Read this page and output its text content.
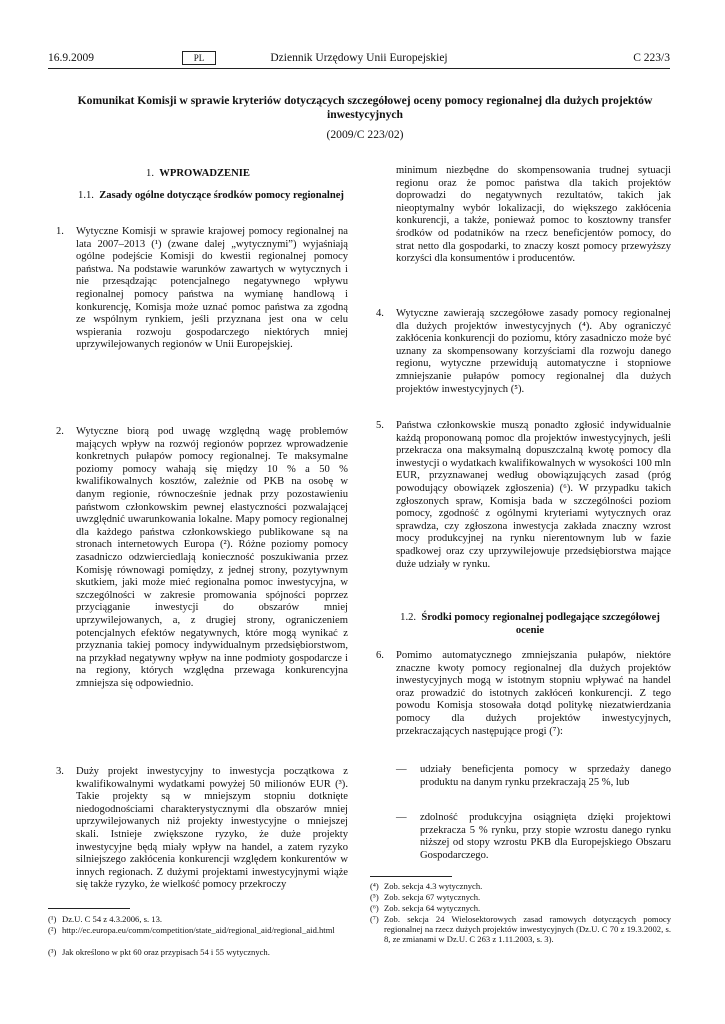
16.9.2009	PL	Dziennik Urzędowy Unii Europejskiej	C 223/3
Komunikat Komisji w sprawie kryteriów dotyczących szczegółowej oceny pomocy regionalnej dla dużych projektów inwestycyjnych
(2009/C 223/02)
1. WPROWADZENIE
1.1. Zasady ogólne dotyczące środków pomocy regionalnej
1. Wytyczne Komisji w sprawie krajowej pomocy regionalnej na lata 2007–2013 (¹) (zwane dalej „wytycznymi”) wyjaśniają ogólne podejście Komisji do kwestii regionalnej pomocy państwa. Na podstawie warunków zawartych w wytycznych i nie przesądzając potencjalnego negatywnego wpływu regionalnej pomocy państwa na wymianę handlową i konkurencję, Komisja może uznać pomoc państwa za zgodną ze wspólnym rynkiem, jeśli przyznana jest ona w celu wspierania rozwoju gospodarczego niektórych mniej uprzywilejowanych regionów w Unii Europejskiej.
2. Wytyczne biorą pod uwagę względną wagę problemów mających wpływ na rozwój regionów poprzez wprowadzenie konkretnych pułapów pomocy regionalnej. Te maksymalne poziomy pomocy wahają się między 10 % a 50 % kwalifikowalnych kosztów, zależnie od PKB na osobę w danym regionie, równocześnie jednak przy pozostawieniu państwom członkowskim pewnej elastyczności pozwalającej uwzględnić uwarunkowania lokalne. Mapy pomocy regionalnej dla każdego państwa członkowskiego publikowane są na stronach internetowych Europa (²). Różne poziomy pomocy zasadniczo odzwierciedlają konieczność poszukiwania przez Komisję równowagi pomiędzy, z jednej strony, pozytywnym skutkiem, jaki może mieć regionalna pomoc inwestycyjna, w szczególności w zakresie promowania spójności poprzez przyciąganie inwestycji do obszarów mniej uprzywilejowanych, a, z drugiej strony, ograniczeniem potencjalnych efektów negatywnych, które mogą wynikać z przyznania takiej pomocy indywidualnym przedsiębiorstwom, na przykład negatywny wpływ na inne podmioty gospodarcze i na regiony, których względna przewaga konkurencyjna zmniejsza się odpowiednio.
3. Duży projekt inwestycyjny to inwestycja początkowa z kwalifikowalnymi wydatkami powyżej 50 milionów EUR (³). Takie projekty są w mniejszym stopniu dotknięte niedogodnościami charakterystycznymi dla obszarów mniej uprzywilejowanych niż projekty inwestycyjne o mniejszej skali. Istnieje zwiększone ryzyko, że duże projekty inwestycyjne będą miały wpływ na handel, a zatem ryzyko silniejszego zakłócenia konkurencji względem konkurentów w innych regionach. Z dużymi projektami inwestycyjnymi wiąże się także ryzyko, że wielkość pomocy przekroczy
(¹) Dz.U. C 54 z 4.3.2006, s. 13.
(²) http://ec.europa.eu/comm/competition/state_aid/regional_aid/regional_aid.html
(³) Jak określono w pkt 60 oraz przypisach 54 i 55 wytycznych.
minimum niezbędne do skompensowania trudnej sytuacji regionu oraz że pomoc państwa dla takich projektów doprowadzi do negatywnych rezultatów, takich jak nieoptymalny wybór lokalizacji, do większego zakłócenia konkurencji, a także, ponieważ pomoc to kosztowny transfer środków od podatników na rzecz beneficjentów pomocy, do strat netto dla gospodarki, to znaczy koszt pomocy przewyższy korzyści dla konsumentów i producentów.
4. Wytyczne zawierają szczegółowe zasady pomocy regionalnej dla dużych projektów inwestycyjnych (⁴). Aby ograniczyć zakłócenia konkurencji do poziomu, który zasadniczo może być uznany za skompensowany korzyściami dla rozwoju danego regionu, wytyczne przewidują automatyczne i stopniowe zmniejszanie pułapów pomocy regionalnej dla dużych projektów inwestycyjnych (⁵).
5. Państwa członkowskie muszą ponadto zgłosić indywidualnie każdą proponowaną pomoc dla projektów inwestycyjnych, jeśli przekracza ona maksymalną dopuszczalną kwotę pomocy dla inwestycji o wydatkach kwalifikowalnych w wysokości 100 mln EUR, przyznawanej według obowiązujących zasad (próg powodujący obowiązek zgłoszenia) (⁶). W przypadku takich zgłoszonych spraw, Komisja bada w szczególności poziom pomocy, zgodność z ogólnymi kryteriami wytycznych oraz sprawdza, czy zgłoszona inwestycja zakłada znaczny wzrost mocy produkcyjnej na rynku nierentownym lub w fazie spadkowej oraz czy uprzywilejowuje przedsiębiorstwa mające duże udziały w rynku.
1.2. Środki pomocy regionalnej podlegające szczegółowej ocenie
6. Pomimo automatycznego zmniejszania pułapów, niektóre znaczne kwoty pomocy regionalnej dla dużych projektów inwestycyjnych mogą w istotnym stopniu wpływać na handel oraz prowadzić do istotnych zakłóceń konkurencji. Z tego powodu Komisja stosowała dotąd politykę niezatwierdzania pomocy dla dużych projektów inwestycyjnych, przekraczających następujące progi (⁷):
— udziały beneficjenta pomocy w sprzedaży danego produktu na danym rynku przekraczają 25 %, lub
— zdolność produkcyjna osiągnięta dzięki projektowi przekracza 5 % rynku, przy stopie wzrostu danego rynku niższej od stopy wzrostu PKB dla Europejskiego Obszaru Gospodarczego.
(⁴) Zob. sekcja 4.3 wytycznych.
(⁵) Zob. sekcja 67 wytycznych.
(⁶) Zob. sekcja 64 wytycznych.
(⁷) Zob. sekcja 24 Wielosektorowych zasad ramowych dotyczących pomocy regionalnej na rzecz dużych projektów inwestycyjnych (Dz.U. C 70 z 19.3.2002, s. 8, ze zmianami w Dz.U. C 263 z 1.11.2003, s. 3).
